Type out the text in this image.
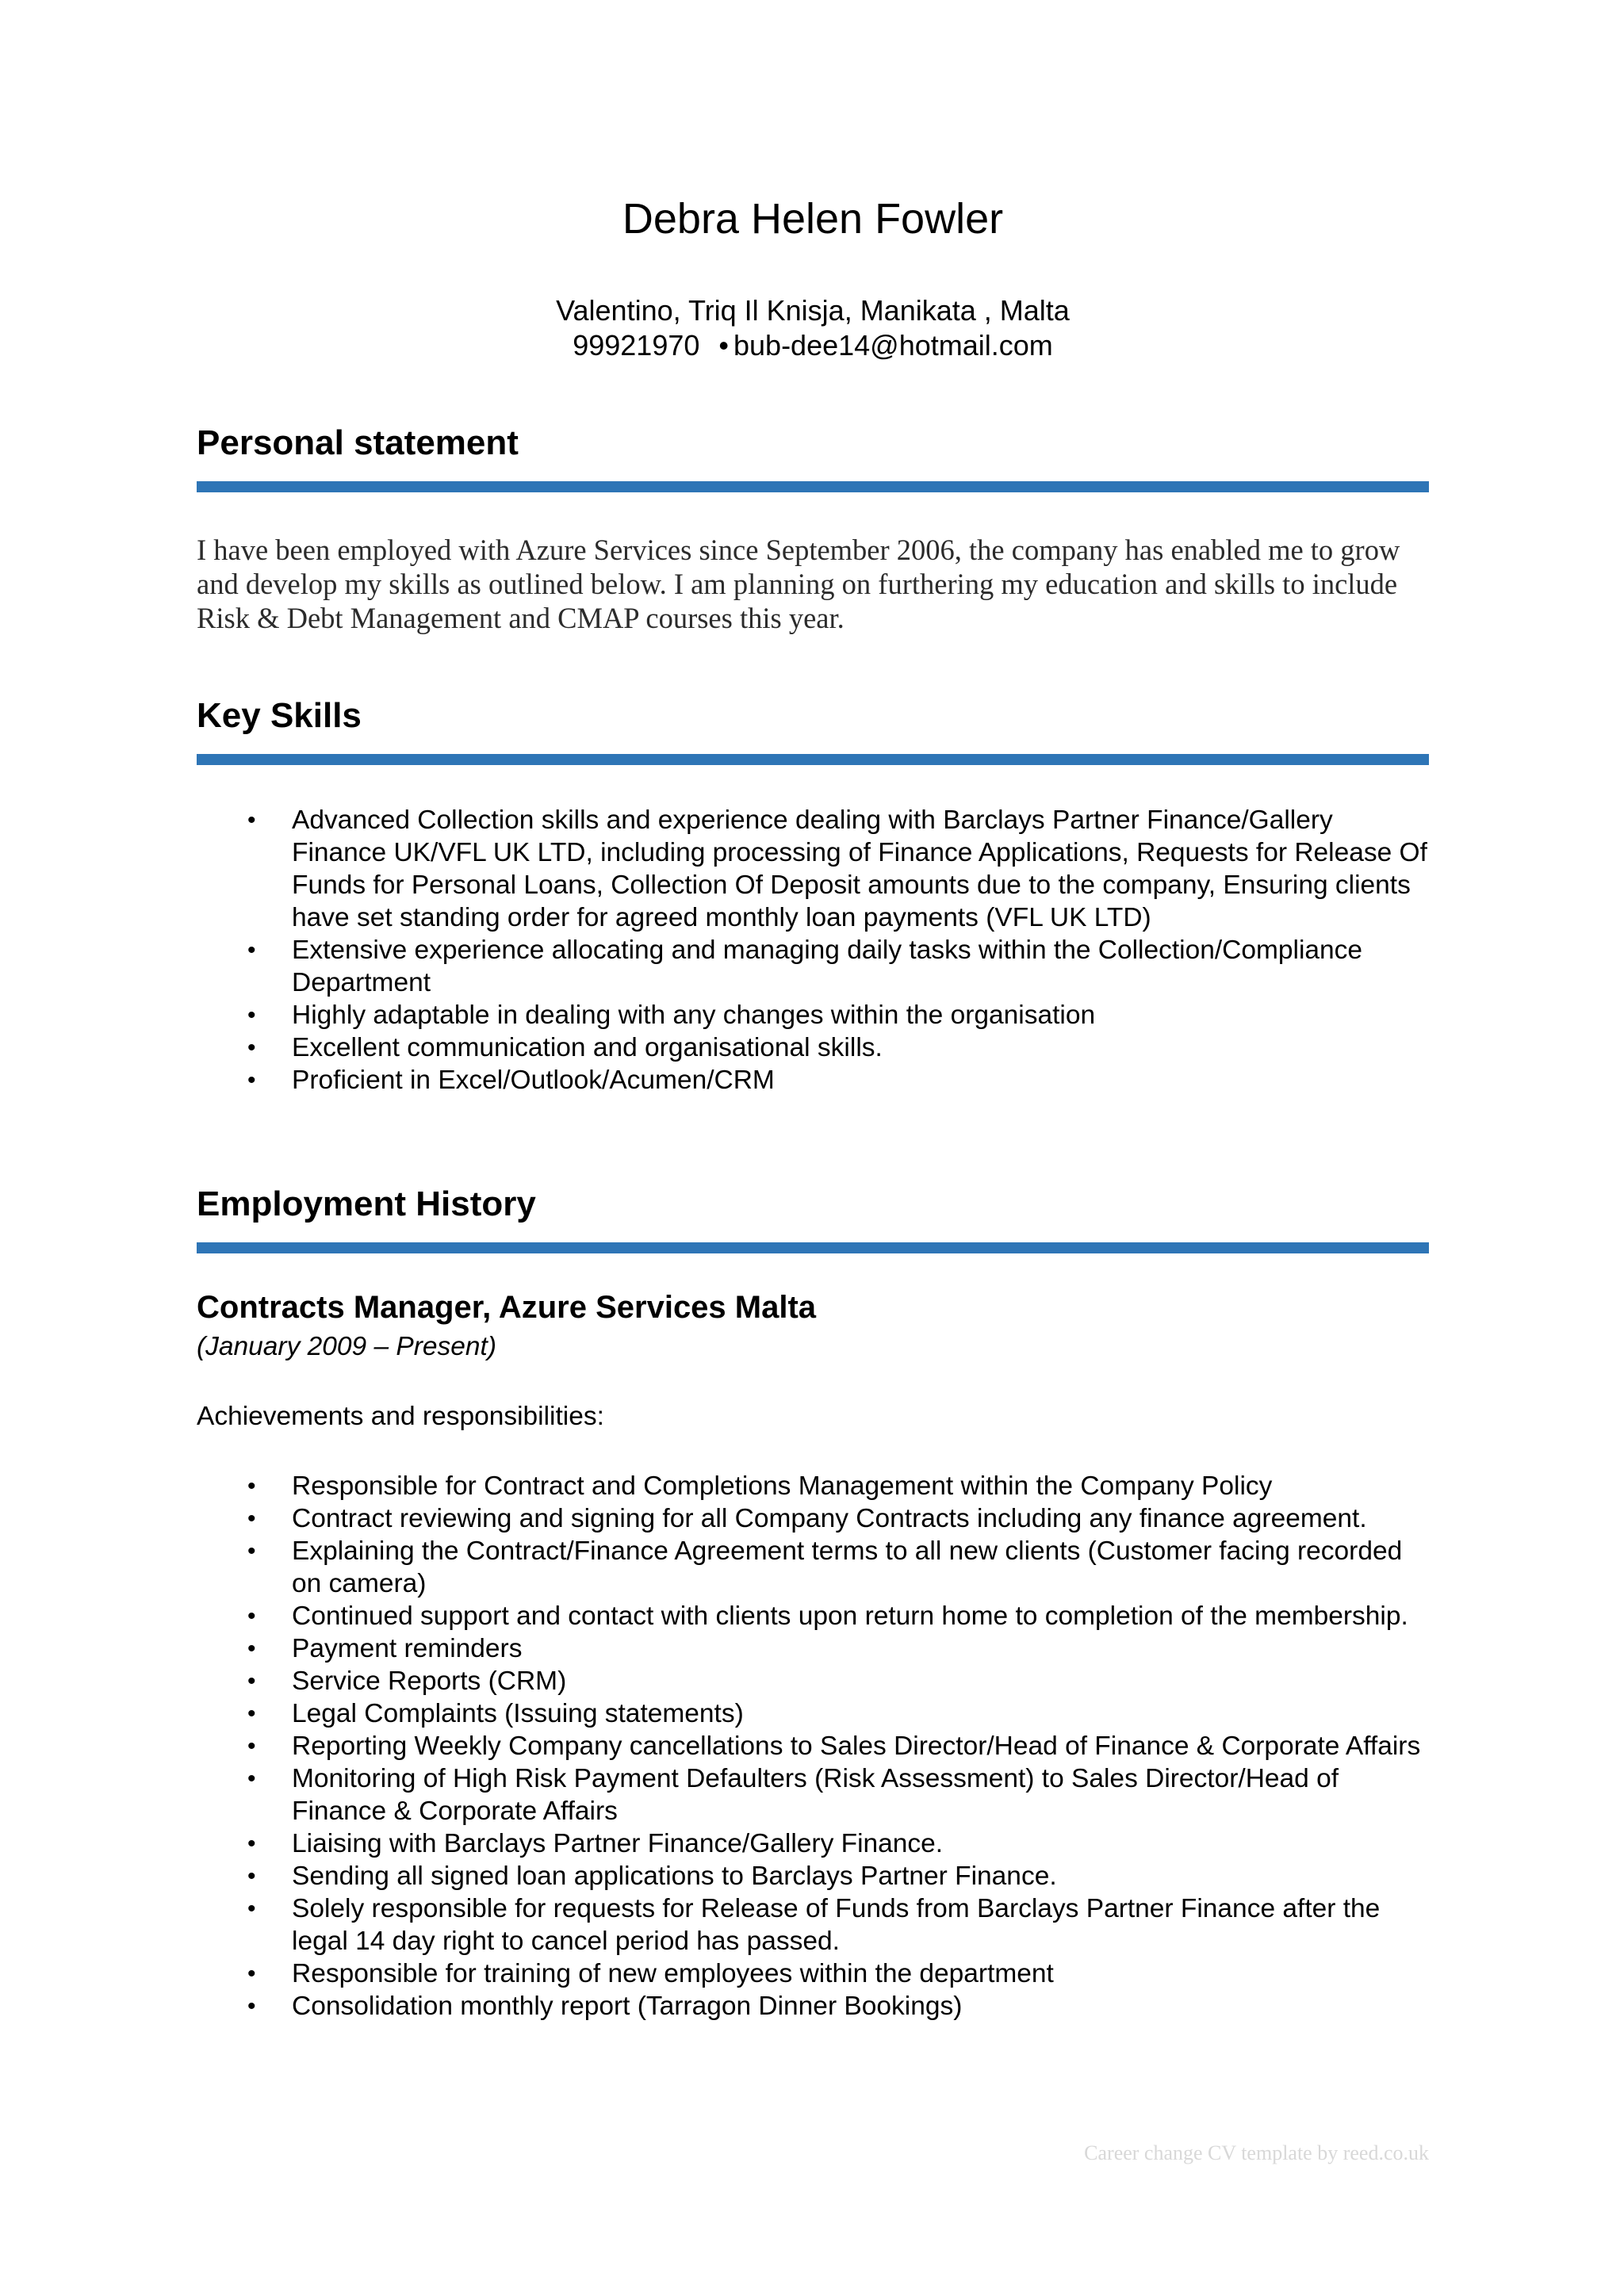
Debra Helen Fowler
Valentino, Triq Il Knisja, Manikata , Malta
99921970 • bub-dee14@hotmail.com
Personal statement
I have been employed with Azure Services since September 2006, the company has enabled me to grow and develop my skills as outlined below. I am planning on furthering my education and skills to include Risk & Debt Management and CMAP courses this year.
Key Skills
• Advanced Collection skills and experience dealing with Barclays Partner Finance/Gallery Finance UK/VFL UK LTD, including processing of Finance Applications, Requests for Release Of Funds for Personal Loans, Collection Of Deposit amounts due to the company, Ensuring clients have set standing order for agreed monthly loan payments (VFL UK LTD)
• Extensive experience allocating and managing daily tasks within the Collection/Compliance Department
• Highly adaptable in dealing with any changes within the organisation
• Excellent communication and organisational skills.
• Proficient in Excel/Outlook/Acumen/CRM
Employment History
Contracts Manager, Azure Services Malta
(January 2009 – Present)
Achievements and responsibilities:
• Responsible for Contract and Completions Management within the Company Policy
• Contract reviewing and signing for all Company Contracts including any finance agreement.
• Explaining the Contract/Finance Agreement terms to all new clients (Customer facing recorded on camera)
• Continued support and contact with clients upon return home to completion of the membership.
• Payment reminders
• Service Reports (CRM)
• Legal Complaints (Issuing statements)
• Reporting Weekly Company cancellations to Sales Director/Head of Finance & Corporate Affairs
• Monitoring of High Risk Payment Defaulters (Risk Assessment) to Sales Director/Head of Finance & Corporate Affairs
• Liaising with Barclays Partner Finance/Gallery Finance.
• Sending all signed loan applications to Barclays Partner Finance.
• Solely responsible for requests for Release of Funds from Barclays Partner Finance after the legal 14 day right to cancel period has passed.
• Responsible for training of new employees within the department
• Consolidation monthly report (Tarragon Dinner Bookings)
Career change CV template by reed.co.uk
